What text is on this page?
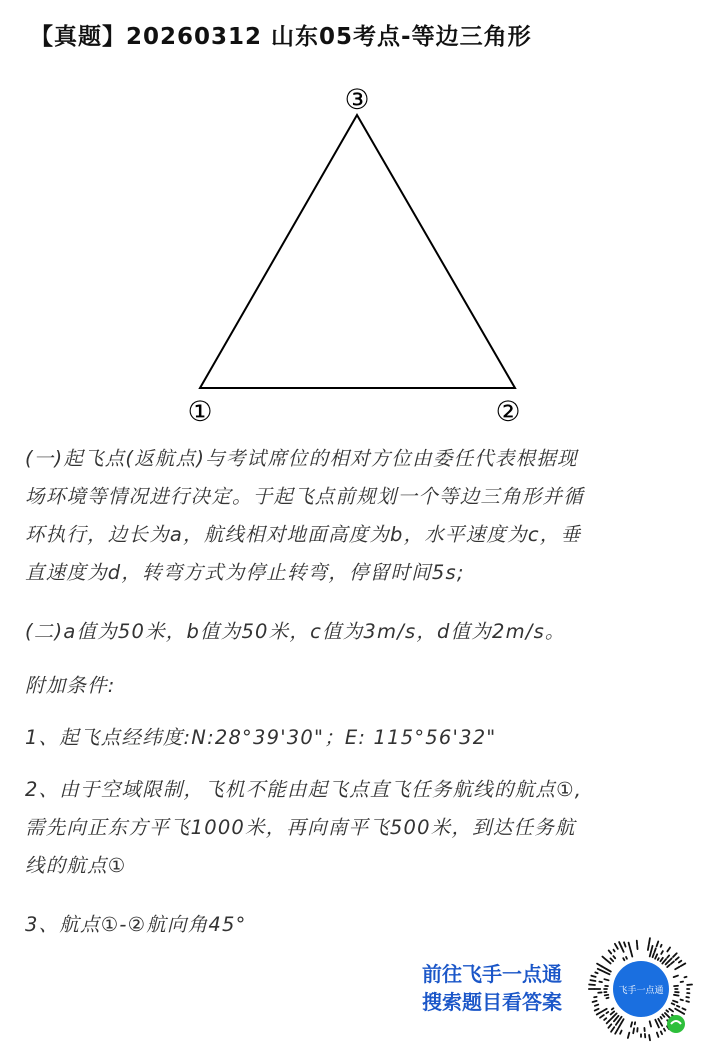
【真题】20260312 山东05考点-等边三角形
①	②
③
(一)起飞点(返航点)与考试席位的相对方位由委任代表根据现
场环境等情况进行决定。于起飞点前规划一个等边三角形并循
环执行，边长为a，航线相对地面高度为b，水平速度为c，垂
直速度为d，转弯方式为停止转弯，停留时间5s;
(二)a值为50米，b值为50米，c值为3m/s，d值为2m/s。
附加条件:
1、起飞点经纬度:N:28°39'30"；E: 115°56'32"
2、由于空域限制，飞机不能由起飞点直飞任务航线的航点①,
需先向正东方平飞1000米，再向南平飞500米，到达任务航
线的航点①
3、航点①-②航向角45°
前往飞手一点通
搜索题目看答案	飞手一点通
